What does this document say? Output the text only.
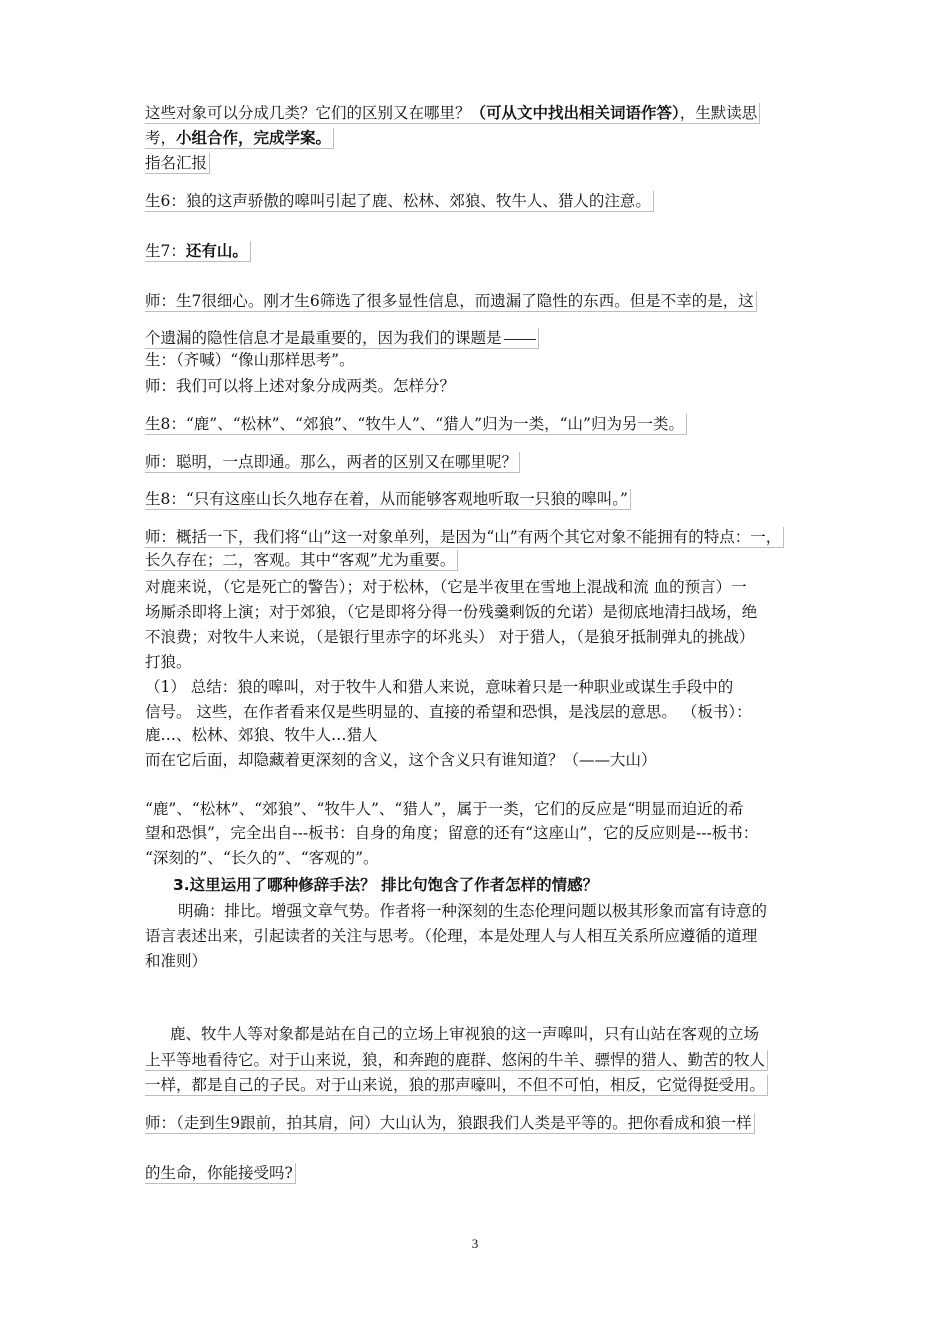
这些对象可以分成几类？它们的区别又在哪里？（可从文中找出相关词语作答），生默读思
考，小组合作，完成学案。
指名汇报
生6：狼的这声骄傲的嗥叫引起了鹿、松林、郊狼、牧牛人、猎人的注意。
生7：还有山。
师：生7很细心。刚才生6筛选了很多显性信息，而遗漏了隐性的东西。但是不幸的是，这
个遗漏的隐性信息才是最重要的，因为我们的课题是
生：（齐喊）“像山那样思考”。
师：我们可以将上述对象分成两类。怎样分？
生8：“鹿”、“松林”、“郊狼”、“牧牛人”、“猎人”归为一类，“山”归为另一类。
师：聪明，一点即通。那么，两者的区别又在哪里呢？
生8：“只有这座山长久地存在着，从而能够客观地听取一只狼的嗥叫。”
师：概括一下，我们将“山”这一对象单列，是因为“山”有两个其它对象不能拥有的特点：一，
长久存在；二，客观。其中“客观”尤为重要。
对鹿来说，（它是死亡的警告）；对于松林，（它是半夜里在雪地上混战和流 血的预言）一
场厮杀即将上演；对于郊狼，（它是即将分得一份残羹剩饭的允诺）是彻底地清扫战场，绝
不浪费；对牧牛人来说，（是银行里赤字的坏兆头） 对于猎人，（是狼牙抵制弹丸的挑战）
打狼。
（1） 总结：狼的嗥叫，对于牧牛人和猎人来说，意味着只是一种职业或谋生手段中的
信号。 这些，在作者看来仅是些明显的、直接的希望和恐惧，是浅层的意思。 （板书）：
鹿…、松林、郊狼、牧牛人…猎人
而在它后面，却隐藏着更深刻的含义，这个含义只有谁知道？（——大山）
“鹿”、“松林”、“郊狼”、“牧牛人”、“猎人”，属于一类，它们的反应是“明显而迫近的希
望和恐惧”，完全出自---板书：自身的角度；留意的还有“这座山”，它的反应则是---板书：
“深刻的”、“长久的”、“客观的”。
3.这里运用了哪种修辞手法？ 排比句饱含了作者怎样的情感？
明确：排比。增强文章气势。作者将一种深刻的生态伦理问题以极其形象而富有诗意的
语言表述出来，引起读者的关注与思考。（伦理，本是处理人与人相互关系所应遵循的道理
和准则）
鹿、牧牛人等对象都是站在自己的立场上审视狼的这一声嗥叫，只有山站在客观的立场
上平等地看待它。对于山来说，狼，和奔跑的鹿群、悠闲的牛羊、骠悍的猎人、勤苦的牧人
一样，都是自己的子民。对于山来说，狼的那声嚎叫，不但不可怕，相反，它觉得挺受用。
师：（走到生9跟前，拍其肩，问）大山认为，狼跟我们人类是平等的。把你看成和狼一样
的生命，你能接受吗?
3
